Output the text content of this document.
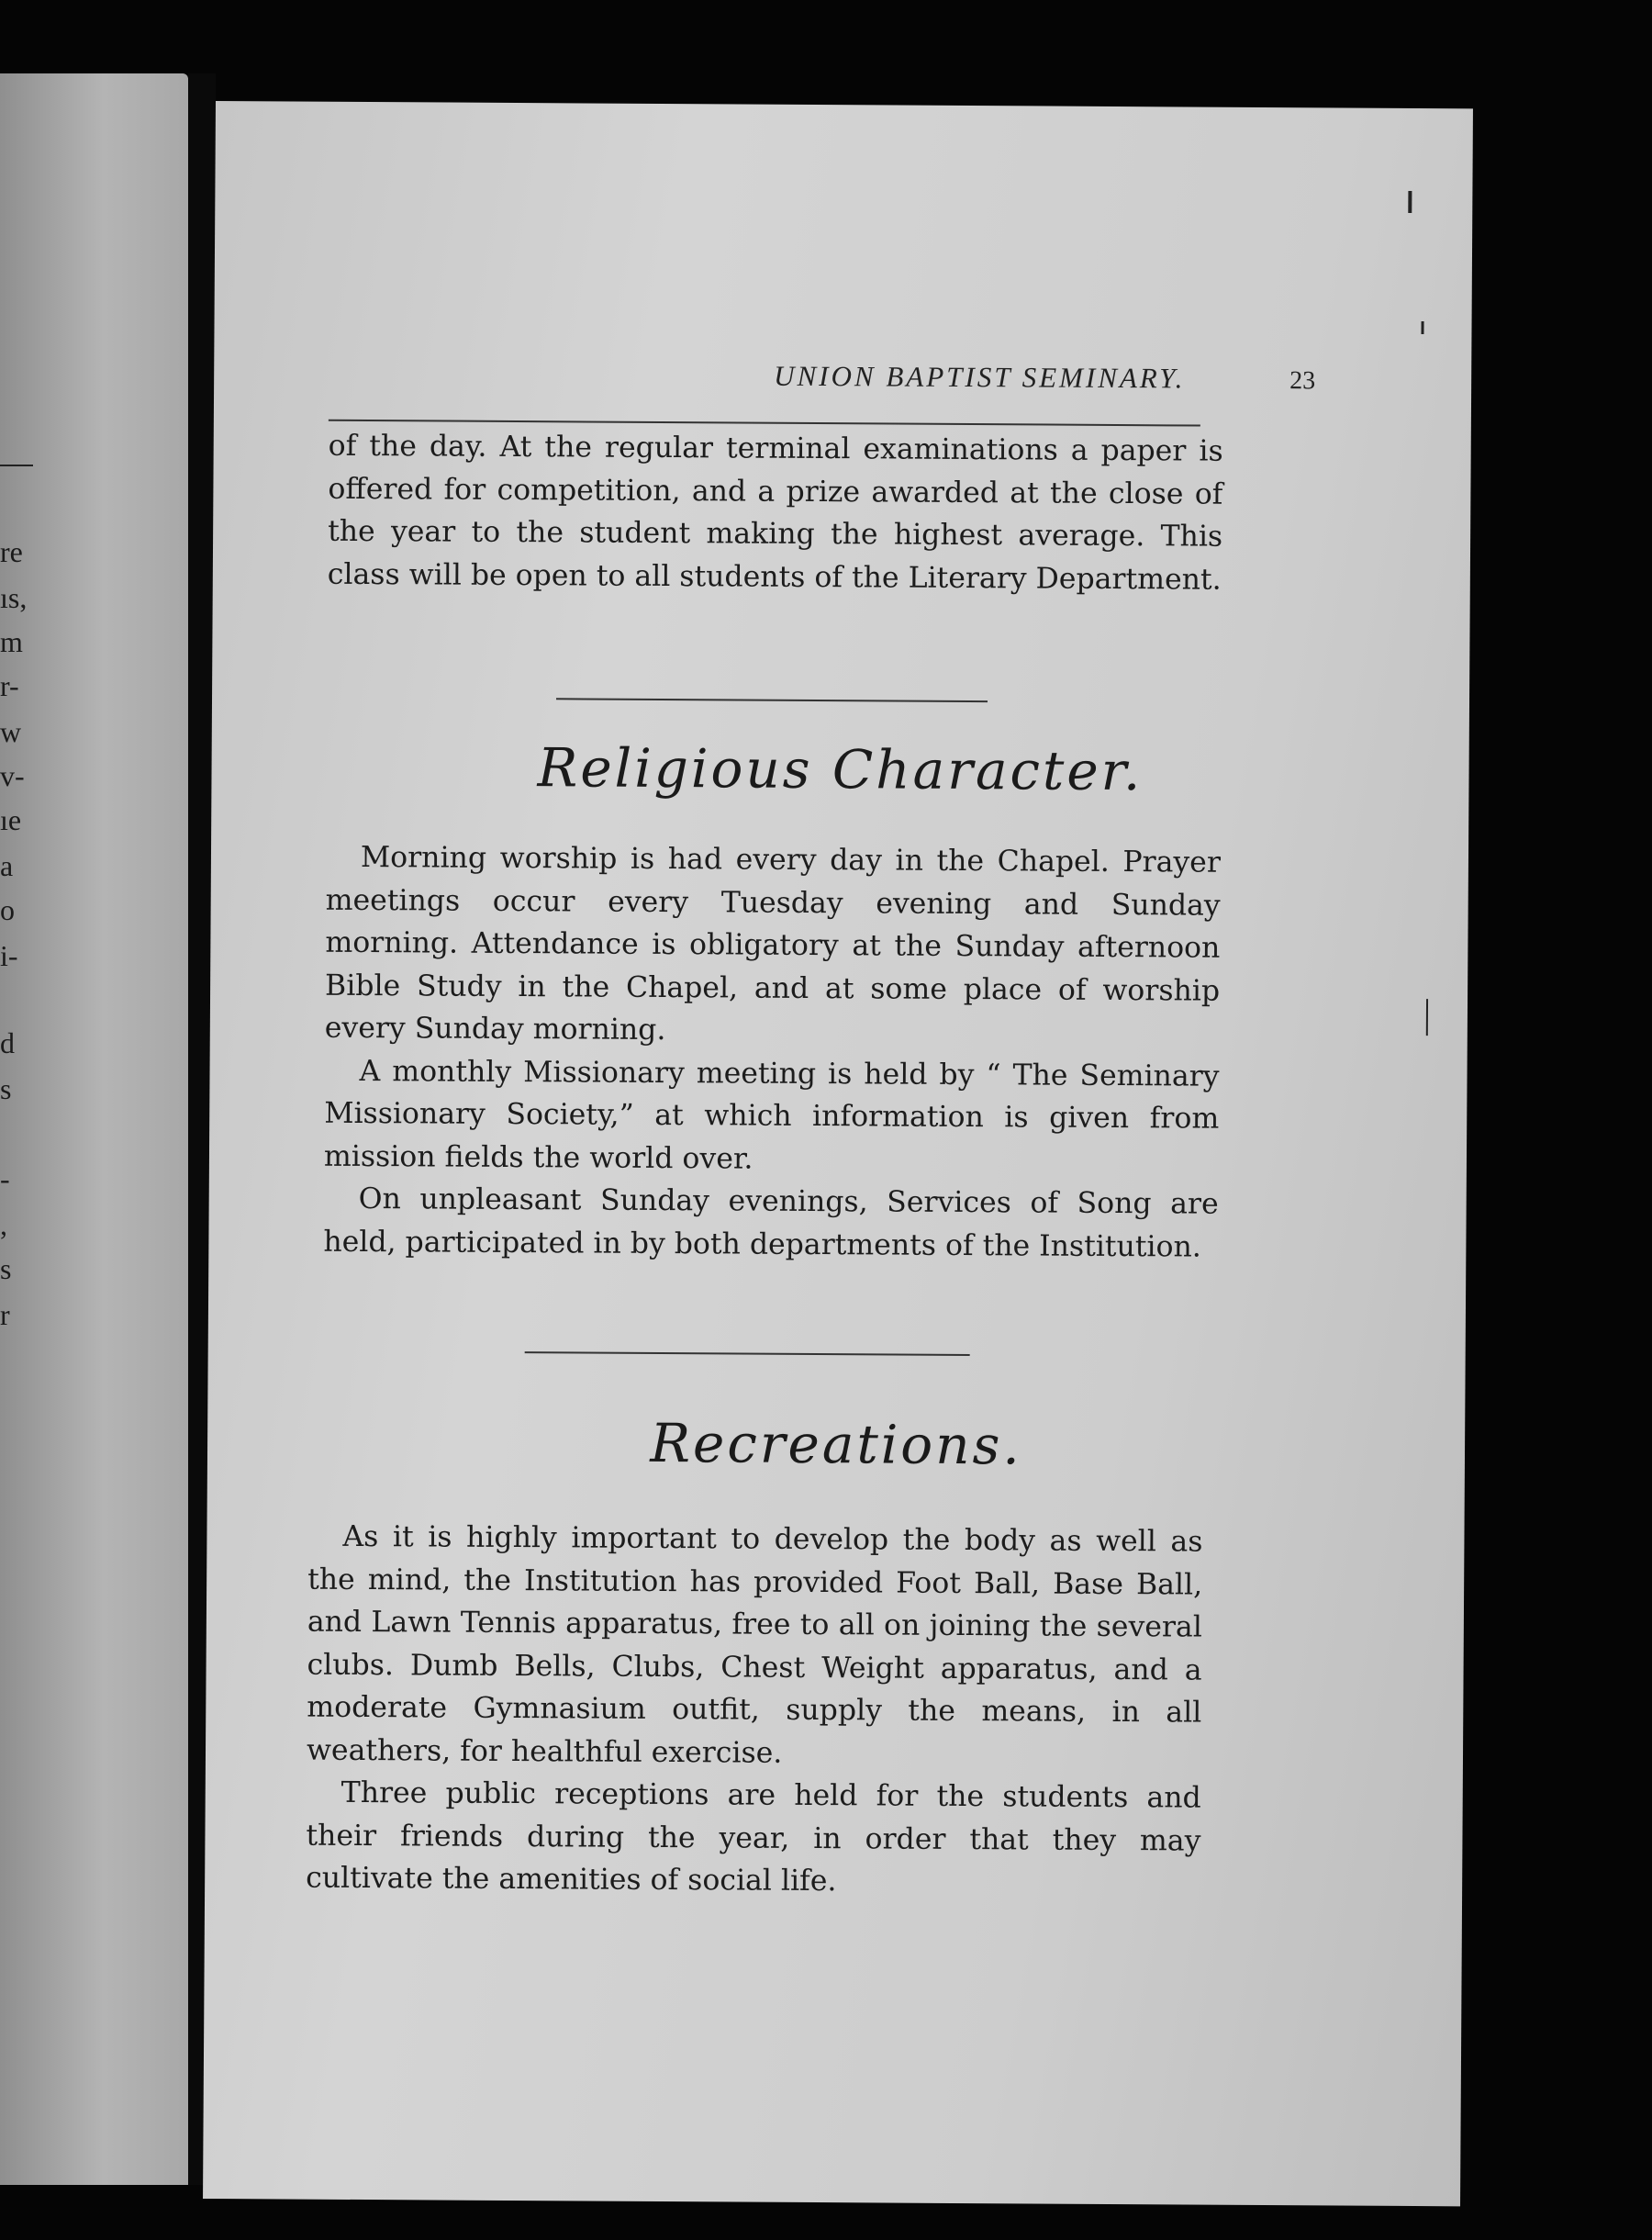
re
ıs,
m
r-
w
v-
ıe
a
o
i-
d
s
-
,
s
r
UNION BAPTIST SEMINARY.	23

of the day. At the regular terminal examinations a paper is offered for competition, and a prize awarded at the close of the year to the student making the highest average. This class will be open to all students of the Literary Department.

Religious Character.

Morning worship is had every day in the Chapel. Prayer meetings occur every Tuesday evening and Sunday morning. Attendance is obligatory at the Sunday afternoon Bible Study in the Chapel, and at some place of worship every Sunday morning.

A monthly Missionary meeting is held by “ The Seminary Missionary Society,” at which information is given from mission fields the world over.

On unpleasant Sunday evenings, Services of Song are held, participated in by both departments of the Institution.

Recreations.

As it is highly important to develop the body as well as the mind, the Institution has provided Foot Ball, Base Ball, and Lawn Tennis apparatus, free to all on joining the several clubs. Dumb Bells, Clubs, Chest Weight apparatus, and a moderate Gymnasium outfit, supply the means, in all weathers, for healthful exercise.

Three public receptions are held for the students and their friends during the year, in order that they may cultivate the amenities of social life.
